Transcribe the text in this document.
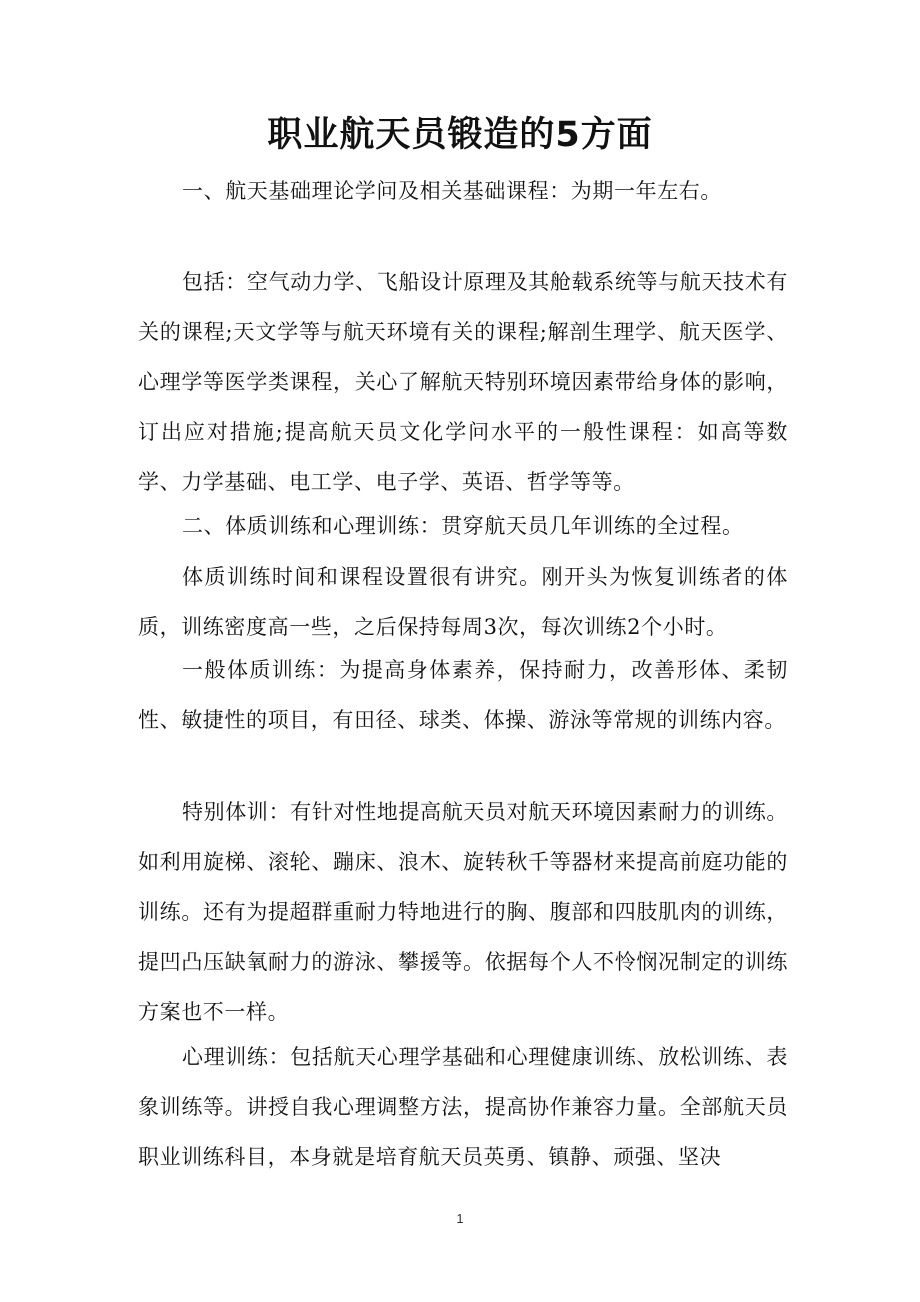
职业航天员锻造的5方面

一、航天基础理论学问及相关基础课程：为期一年左右。

包括：空气动力学、飞船设计原理及其舱载系统等与航天技术有关的课程;天文学等与航天环境有关的课程;解剖生理学、航天医学、心理学等医学类课程，关心了解航天特别环境因素带给身体的影响，订出应对措施;提高航天员文化学问水平的一般性课程：如高等数学、力学基础、电工学、电子学、英语、哲学等等。

二、体质训练和心理训练：贯穿航天员几年训练的全过程。

体质训练时间和课程设置很有讲究。刚开头为恢复训练者的体质，训练密度高一些，之后保持每周3次，每次训练2个小时。

一般体质训练：为提高身体素养，保持耐力，改善形体、柔韧性、敏捷性的项目，有田径、球类、体操、游泳等常规的训练内容。

特别体训：有针对性地提高航天员对航天环境因素耐力的训练。如利用旋梯、滚轮、蹦床、浪木、旋转秋千等器材来提高前庭功能的训练。还有为提超群重耐力特地进行的胸、腹部和四肢肌肉的训练，提凹凸压缺氧耐力的游泳、攀援等。依据每个人不怜悯况制定的训练方案也不一样。

心理训练：包括航天心理学基础和心理健康训练、放松训练、表象训练等。讲授自我心理调整方法，提高协作兼容力量。全部航天员职业训练科目，本身就是培育航天员英勇、镇静、顽强、坚决

1
